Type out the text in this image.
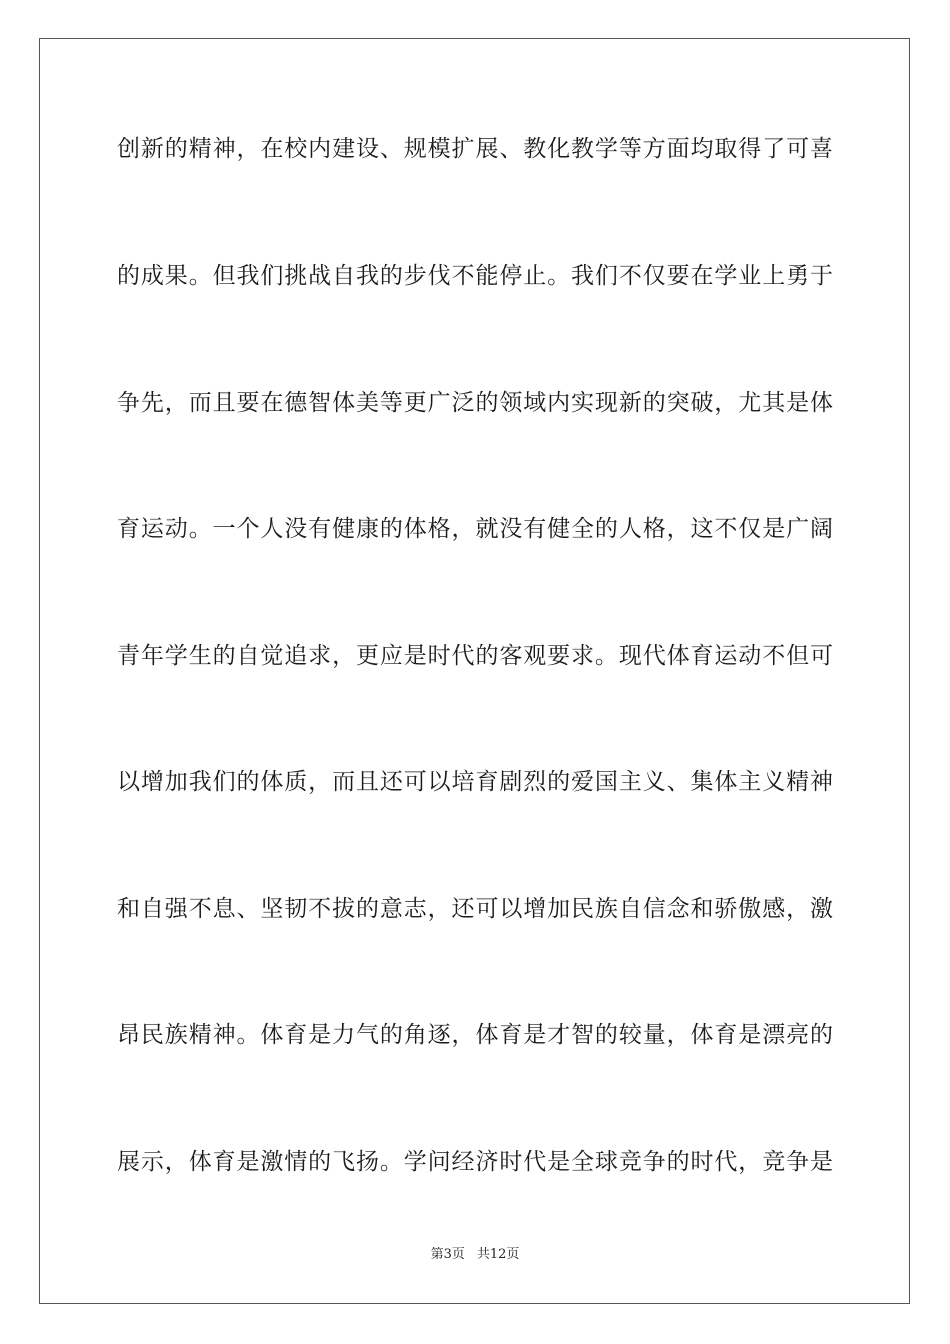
创新的精神，在校内建设、规模扩展、教化教学等方面均取得了可喜
的成果。但我们挑战自我的步伐不能停止。我们不仅要在学业上勇于
争先，而且要在德智体美等更广泛的领域内实现新的突破，尤其是体
育运动。一个人没有健康的体格，就没有健全的人格，这不仅是广阔
青年学生的自觉追求，更应是时代的客观要求。现代体育运动不但可
以增加我们的体质，而且还可以培育剧烈的爱国主义、集体主义精神
和自强不息、坚韧不拔的意志，还可以增加民族自信念和骄傲感，激
昂民族精神。体育是力气的角逐，体育是才智的较量，体育是漂亮的
展示，体育是激情的飞扬。学问经济时代是全球竞争的时代，竞争是
第3页 共12页
